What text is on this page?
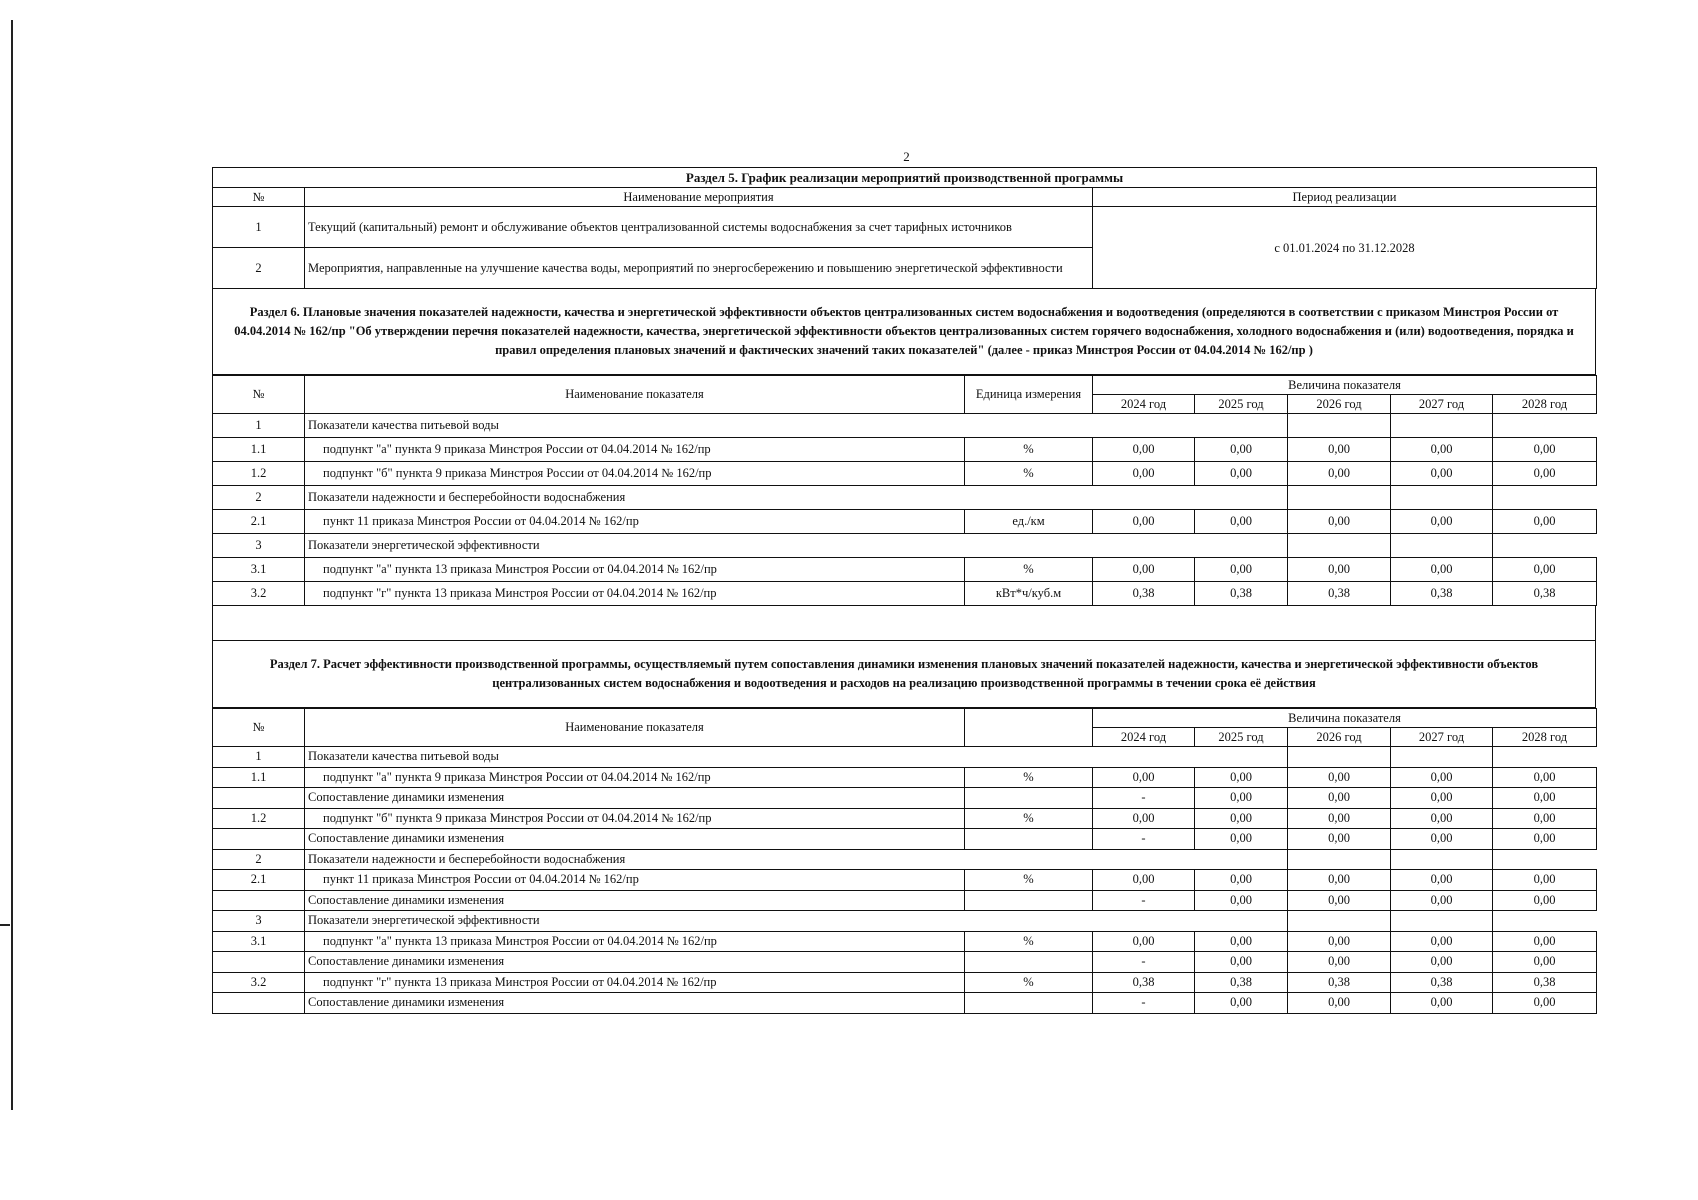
2
Раздел 5. График реализации мероприятий производственной программы		
№	Наименование мероприятия	Период реализации
1	Текущий (капитальный) ремонт и обслуживание объектов централизованной системы водоснабжения за счет тарифных источников	с 01.01.2024 по 31.12.2028
2	Мероприятия, направленные на улучшение качества воды, мероприятий по энергосбережению и повышению энергетической эффективности	
Раздел 6. Плановые значения показателей надежности, качества и энергетической эффективности объектов централизованных систем водоснабжения и водоотведения (определяются в соответствии с приказом Минстроя России от 04.04.2014 № 162/пр "Об утверждении перечня показателей надежности, качества, энергетической эффективности объектов централизованных систем горячего водоснабжения, холодного водоснабжения и (или) водоотведения, порядка и правил определения плановых значений и фактических значений таких показателей" (далее - приказ Минстроя России от 04.04.2014 № 162/пр )
№	Наименование показателя	Единица измерения	Величина показателя				
			2024 год	2025 год	2026 год	2027 год	2028 год
1	Показатели качества питьевой воды						
1.1	подпункт "а" пункта 9 приказа Минстроя России от 04.04.2014 № 162/пр	%	0,00	0,00	0,00	0,00	0,00
1.2	подпункт "б" пункта 9 приказа Минстроя России от 04.04.2014 № 162/пр	%	0,00	0,00	0,00	0,00	0,00
2	Показатели надежности и бесперебойности водоснабжения						
2.1	пункт 11 приказа Минстроя России от 04.04.2014 № 162/пр	ед./км	0,00	0,00	0,00	0,00	0,00
3	Показатели энергетической эффективности						
3.1	подпункт "а" пункта 13 приказа Минстроя России от 04.04.2014 № 162/пр	%	0,00	0,00	0,00	0,00	0,00
3.2	подпункт "г" пункта 13 приказа Минстроя России от 04.04.2014 № 162/пр	кВт*ч/куб.м	0,38	0,38	0,38	0,38	0,38
Раздел 7. Расчет эффективности производственной программы, осуществляемый путем сопоставления динамики изменения плановых значений показателей надежности, качества и энергетической эффективности объектов централизованных систем водоснабжения и водоотведения и расходов на реализацию производственной программы в течении срока её действия
№	Наименование показателя		Величина показателя				
			2024 год	2025 год	2026 год	2027 год	2028 год
1	Показатели качества питьевой воды						
1.1	подпункт "а" пункта 9 приказа Минстроя России от 04.04.2014 № 162/пр	%	0,00	0,00	0,00	0,00	0,00
	Сопоставление динамики изменения		-	0,00	0,00	0,00	0,00
1.2	подпункт "б" пункта 9 приказа Минстроя России от 04.04.2014 № 162/пр	%	0,00	0,00	0,00	0,00	0,00
	Сопоставление динамики изменения		-	0,00	0,00	0,00	0,00
2	Показатели надежности и бесперебойности водоснабжения						
2.1	пункт 11 приказа Минстроя России от 04.04.2014 № 162/пр	%	0,00	0,00	0,00	0,00	0,00
	Сопоставление динамики изменения		-	0,00	0,00	0,00	0,00
3	Показатели энергетической эффективности						
3.1	подпункт "а" пункта 13 приказа Минстроя России от 04.04.2014 № 162/пр	%	0,00	0,00	0,00	0,00	0,00
	Сопоставление динамики изменения		-	0,00	0,00	0,00	0,00
3.2	подпункт "г" пункта 13 приказа Минстроя России от 04.04.2014 № 162/пр	%	0,38	0,38	0,38	0,38	0,38
	Сопоставление динамики изменения		-	0,00	0,00	0,00	0,00
